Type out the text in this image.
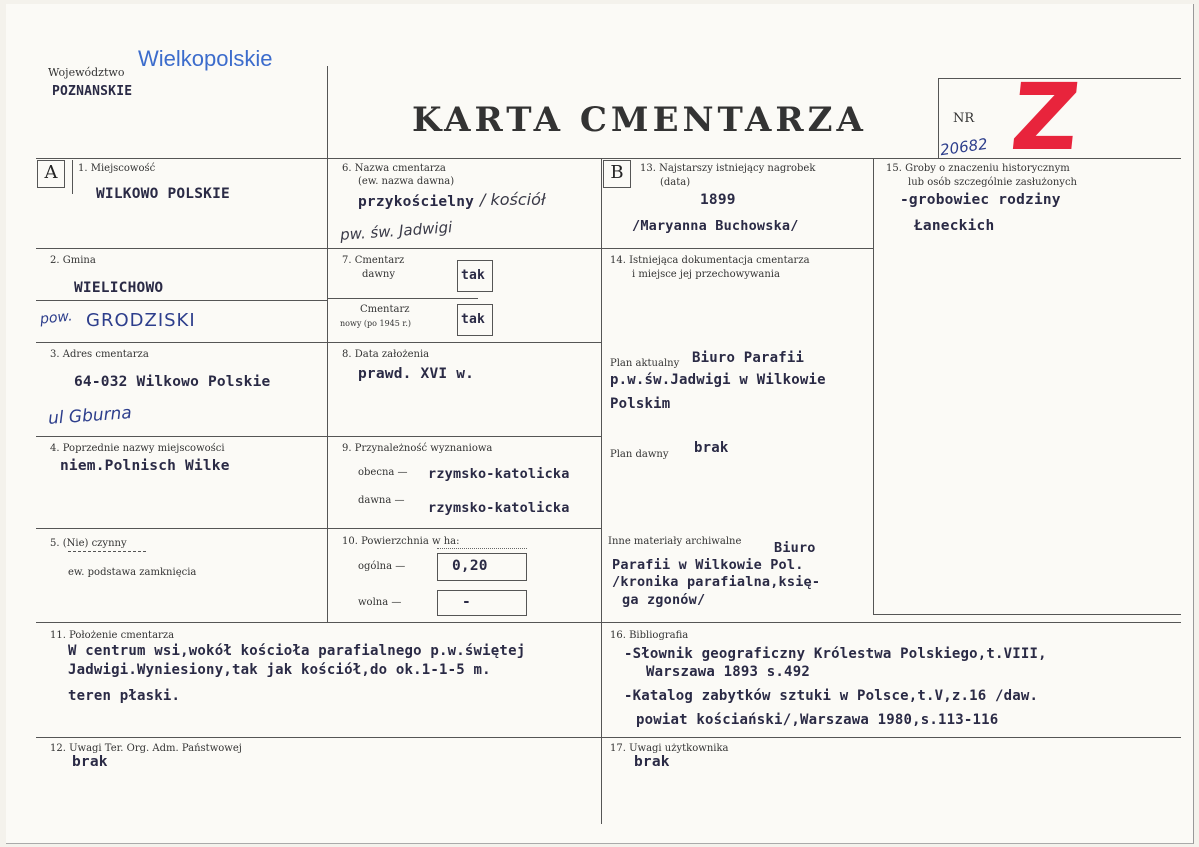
Województwo
Wielkopolskie
POZNANSKIE
KARTA CMENTARZA	NR
20682 Z
A	B
1. Miejscowość
WILKOWO POLSKIE
2. Gmina
WIELICHOWO
pow. GRODZISKI
3. Adres cmentarza
64-032 Wilkowo Polskie
ul Gburna
4. Poprzednie nazwy miejscowości
niem.Polnisch Wilke
5. (Nie) czynny
ew. podstawa zamknięcia
6. Nazwa cmentarza
(ew. nazwa dawna)
przykościelny / kościół
pw. św. Jadwigi
7. Cmentarz
dawny	tak
Cmentarz
nowy (po 1945 r.)	tak
8. Data założenia
prawd. XVI w.
9. Przynależność wyznaniowa
obecna — rzymsko-katolicka
dawna — rzymsko-katolicka
10. Powierzchnia w ha:
ogólna —	0,20
wolna —	-
13. Najstarszy istniejący nagrobek
(data)
1899
/Maryanna Buchowska/
14. Istniejąca dokumentacja cmentarza
i miejsce jej przechowywania
Plan aktualny Biuro Parafii
p.w.św.Jadwigi w Wilkowie
Polskim
Plan dawny brak
Inne materiały archiwalne Biuro
Parafii w Wilkowie Pol.
/kronika parafialna,księ-
ga zgonów/
15. Groby o znaczeniu historycznym
lub osób szczególnie zasłużonych
-grobowiec rodziny
Łaneckich
11. Położenie cmentarza
W centrum wsi,wokół kościoła parafialnego p.w.świętej
Jadwigi.Wyniesiony,tak jak kościół,do ok.1-1-5 m.
teren płaski.
16. Bibliografia
-Słownik geograficzny Królestwa Polskiego,t.VIII,
Warszawa 1893 s.492
-Katalog zabytków sztuki w Polsce,t.V,z.16 /daw.
powiat kościański/,Warszawa 1980,s.113-116
12. Uwagi Ter. Org. Adm. Państwowej
brak
17. Uwagi użytkownika
brak
